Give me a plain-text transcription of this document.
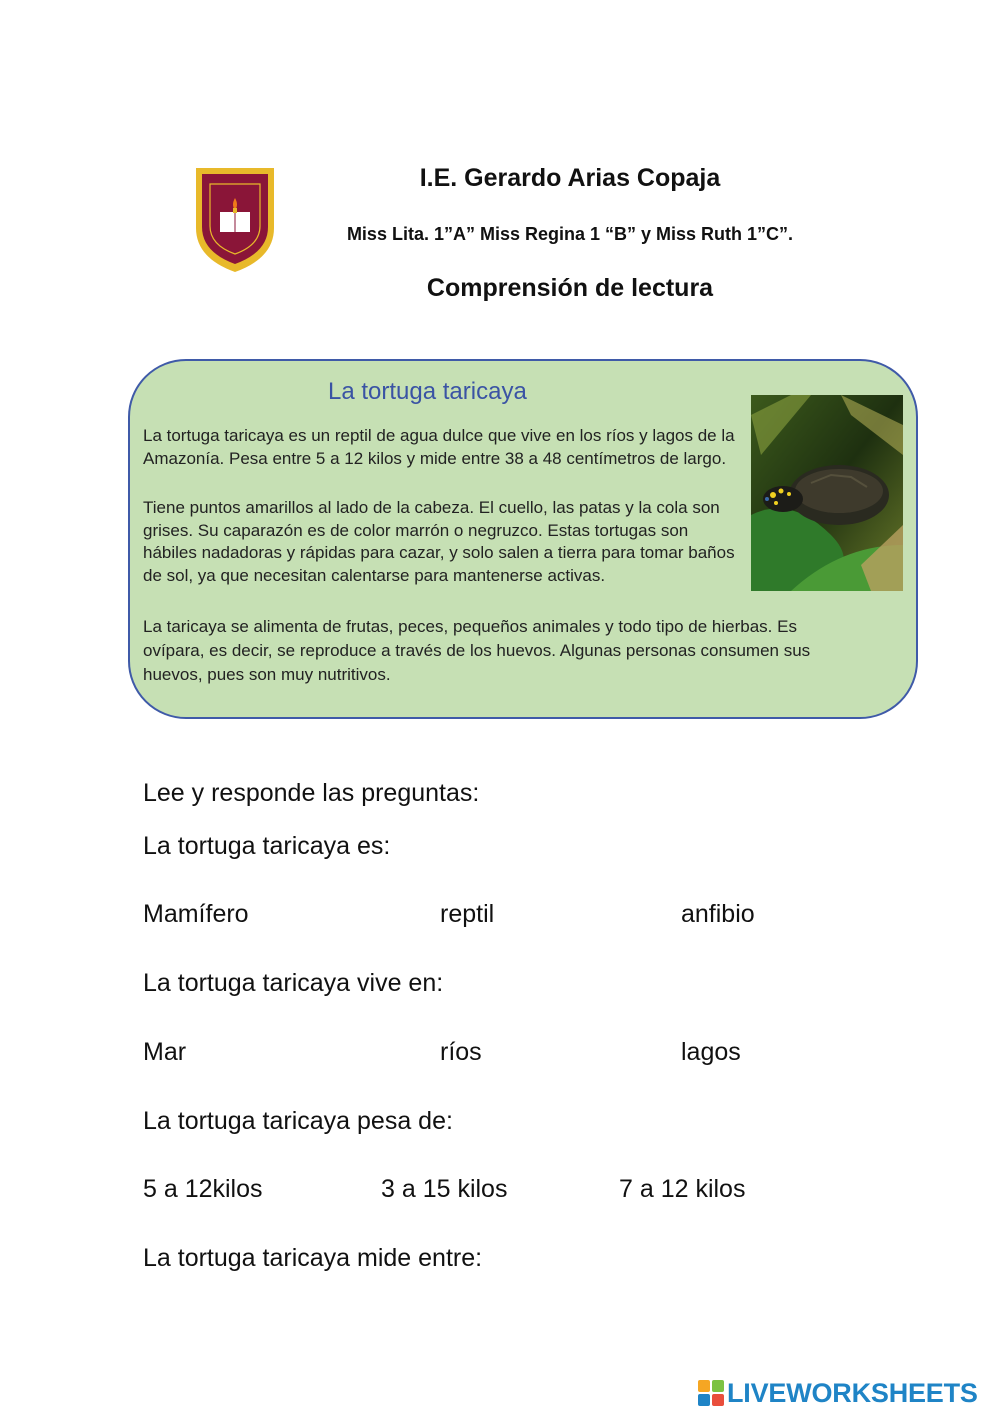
I.E. Gerardo Arias Copaja
Miss Lita. 1”A” Miss Regina 1 “B” y Miss Ruth 1”C”.
Comprensión de lectura
La tortuga taricaya
La tortuga taricaya es un reptil de agua dulce que vive en los ríos y lagos de la Amazonía. Pesa entre 5 a 12 kilos y mide entre 38 a 48 centímetros de largo.
Tiene puntos amarillos al lado de la cabeza. El cuello, las patas y la cola son grises. Su caparazón es de color marrón o negruzco. Estas tortugas son hábiles nadadoras y rápidas para cazar, y solo salen a tierra para tomar baños de sol, ya que necesitan calentarse para mantenerse activas.
La taricaya se alimenta de frutas, peces, pequeños animales y todo tipo de hierbas. Es ovípara, es decir, se reproduce a través de los huevos. Algunas personas consumen sus huevos, pues son muy nutritivos.
Lee y responde las preguntas:
La tortuga taricaya es:
Mamífero	reptil	anfibio
La tortuga taricaya vive en:
Mar	ríos	lagos
La tortuga taricaya pesa de:
5 a 12kilos	3 a 15 kilos	7 a 12 kilos
La tortuga taricaya mide entre:
LIVEWORKSHEETS
